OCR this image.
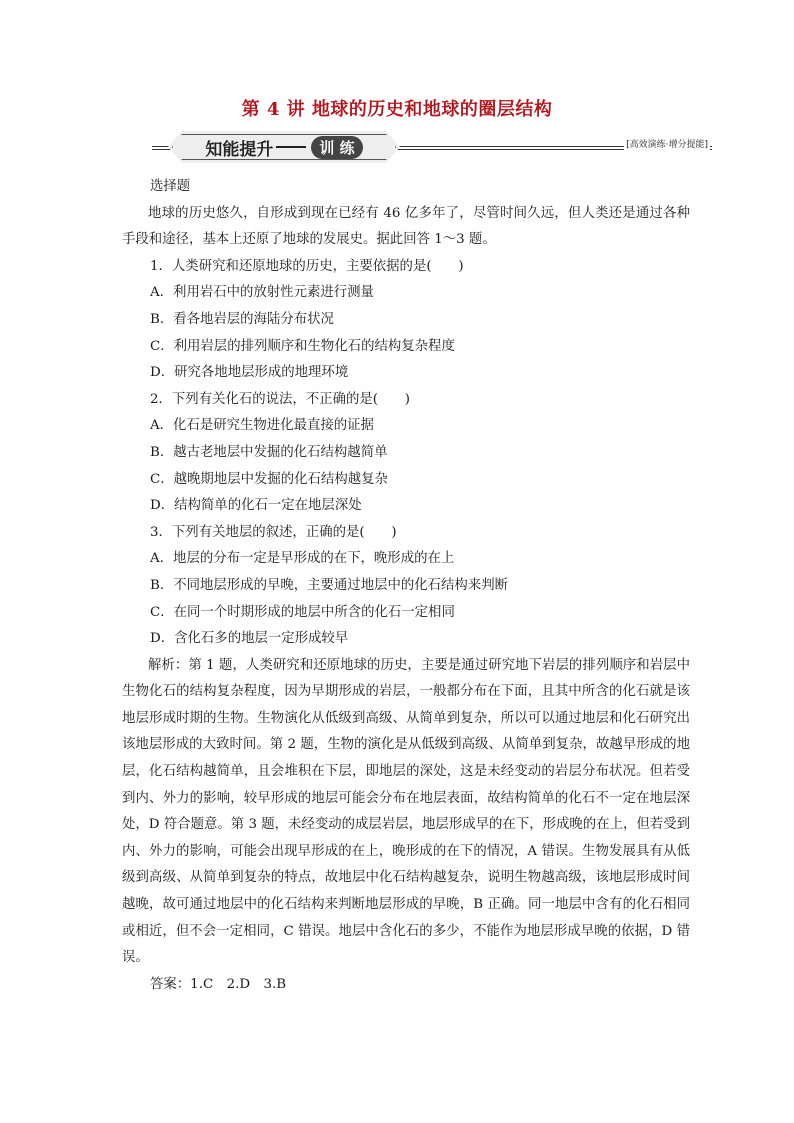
第 4 讲 地球的历史和地球的圈层结构
知能提升	训 练	[高效演练·增分提能]

选择题

地球的历史悠久，自形成到现在已经有 46 亿多年了，尽管时间久远，但人类还是通过各种手段和途径，基本上还原了地球的发展史。据此回答 1～3 题。

1．人类研究和还原地球的历史，主要依据的是(　　)

A．利用岩石中的放射性元素进行测量

B．看各地岩层的海陆分布状况

C．利用岩层的排列顺序和生物化石的结构复杂程度

D．研究各地地层形成的地理环境

2．下列有关化石的说法，不正确的是(　　)

A．化石是研究生物进化最直接的证据

B．越古老地层中发掘的化石结构越简单

C．越晚期地层中发掘的化石结构越复杂

D．结构简单的化石一定在地层深处

3．下列有关地层的叙述，正确的是(　　)

A．地层的分布一定是早形成的在下，晚形成的在上

B．不同地层形成的早晚，主要通过地层中的化石结构来判断

C．在同一个时期形成的地层中所含的化石一定相同

D．含化石多的地层一定形成较早

解析：第 1 题，人类研究和还原地球的历史，主要是通过研究地下岩层的排列顺序和岩层中生物化石的结构复杂程度，因为早期形成的岩层，一般都分布在下面，且其中所含的化石就是该地层形成时期的生物。生物演化从低级到高级、从简单到复杂，所以可以通过地层和化石研究出该地层形成的大致时间。第 2 题，生物的演化是从低级到高级、从简单到复杂，故越早形成的地层，化石结构越简单，且会堆积在下层，即地层的深处，这是未经变动的岩层分布状况。但若受到内、外力的影响，较早形成的地层可能会分布在地层表面，故结构简单的化石不一定在地层深处，D 符合题意。第 3 题，未经变动的成层岩层，地层形成早的在下，形成晚的在上，但若受到内、外力的影响，可能会出现早形成的在上，晚形成的在下的情况，A 错误。生物发展具有从低级到高级、从简单到复杂的特点，故地层中化石结构越复杂，说明生物越高级，该地层形成时间越晚，故可通过地层中的化石结构来判断地层形成的早晚，B 正确。同一地层中含有的化石相同或相近，但不会一定相同，C 错误。地层中含化石的多少，不能作为地层形成早晚的依据，D 错误。

答案：1.C　2.D　3.B
